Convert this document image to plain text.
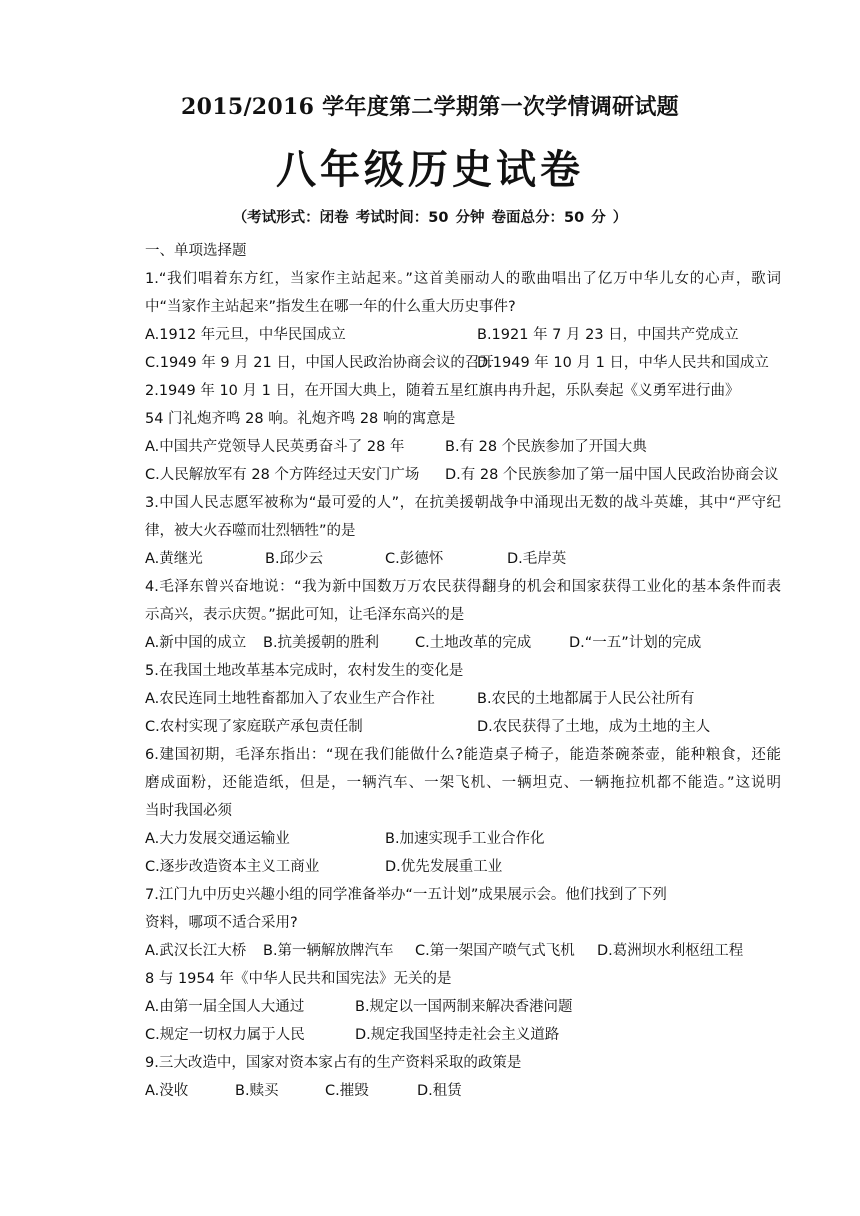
2015/2016 学年度第二学期第一次学情调研试题
八年级历史试卷
（考试形式：闭卷 考试时间：50 分钟 卷面总分：50 分 ）
一、单项选择题
1.“我们唱着东方红，当家作主站起来。”这首美丽动人的歌曲唱出了亿万中华儿女的心声，歌词
中“当家作主站起来”指发生在哪一年的什么重大历史事件?
A.1912 年元旦，中华民国成立	B.1921 年 7 月 23 日，中国共产党成立
C.1949 年 9 月 21 日，中国人民政治协商会议的召开
D.1949 年 10 月 1 日，中华人民共和国成立
2.1949 年 10 月 1 日，在开国大典上，随着五星红旗冉冉升起，乐队奏起《义勇军进行曲》
54 门礼炮齐鸣 28 响。礼炮齐鸣 28 响的寓意是
A.中国共产党领导人民英勇奋斗了 28 年	B.有 28 个民族参加了开国大典
C.人民解放军有 28 个方阵经过天安门广场 D.有 28 个民族参加了第一届中国人民政治协商会议
3.中国人民志愿军被称为“最可爱的人”，在抗美援朝战争中涌现出无数的战斗英雄，其中“严守纪
律，被大火吞噬而壮烈牺牲”的是
A.黄继光	B.邱少云	C.彭德怀	D.毛岸英
4.毛泽东曾兴奋地说：“我为新中国数万万农民获得翻身的机会和国家获得工业化的基本条件而表
示高兴，表示庆贺。”据此可知，让毛泽东高兴的是
A.新中国的成立 B.抗美援朝的胜利 C.土地改革的完成	D.“一五”计划的完成
5.在我国土地改革基本完成时，农村发生的变化是
A.农民连同土地牲畜都加入了农业生产合作社	B.农民的土地都属于人民公社所有
C.农村实现了家庭联产承包责任制	D.农民获得了土地，成为土地的主人
6.建国初期，毛泽东指出：“现在我们能做什么?能造桌子椅子，能造茶碗茶壶，能种粮食，还能
磨成面粉，还能造纸，但是，一辆汽车、一架飞机、一辆坦克、一辆拖拉机都不能造。”这说明
当时我国必须
A.大力发展交通运输业	B.加速实现手工业合作化
C.逐步改造资本主义工商业	D.优先发展重工业
7.江门九中历史兴趣小组的同学准备举办“一五计划”成果展示会。他们找到了下列
资料，哪项不适合采用?
A.武汉长江大桥 B.第一辆解放牌汽车 C.第一架国产喷气式飞机 D.葛洲坝水利枢纽工程
8 与 1954 年《中华人民共和国宪法》无关的是
A.由第一届全国人大通过	B.规定以一国两制来解决香港问题
C.规定一切权力属于人民	D.规定我国坚持走社会主义道路
9.三大改造中，国家对资本家占有的生产资料采取的政策是
A.没收	B.赎买	C.摧毁	D.租赁
